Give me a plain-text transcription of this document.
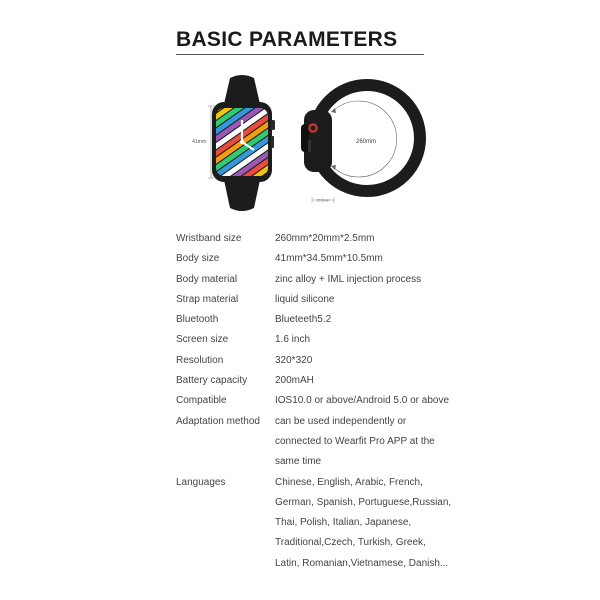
BASIC PARAMETERS
41mm	260mm
20.5mm
Wristband size	260mm*20mm*2.5mm
Body size	41mm*34.5mm*10.5mm
Body material	zinc alloy + IML injection process
Strap material	liquid silicone
Bluetooth	Blueteeth5.2
Screen size	1.6 inch
Resolution	320*320
Battery capacity	200mAH
Compatible	IOS10.0 or above/Android 5.0 or above
Adaptation method	can be used independently or
connected to Wearfit Pro APP at the
same time
Languages	Chinese, English, Arabic, French,
German, Spanish, Portuguese,Russian,
Thai, Polish, Italian, Japanese,
Traditional,Czech, Turkish, Greek,
Latin, Romanian,Vietnamese, Danish...
